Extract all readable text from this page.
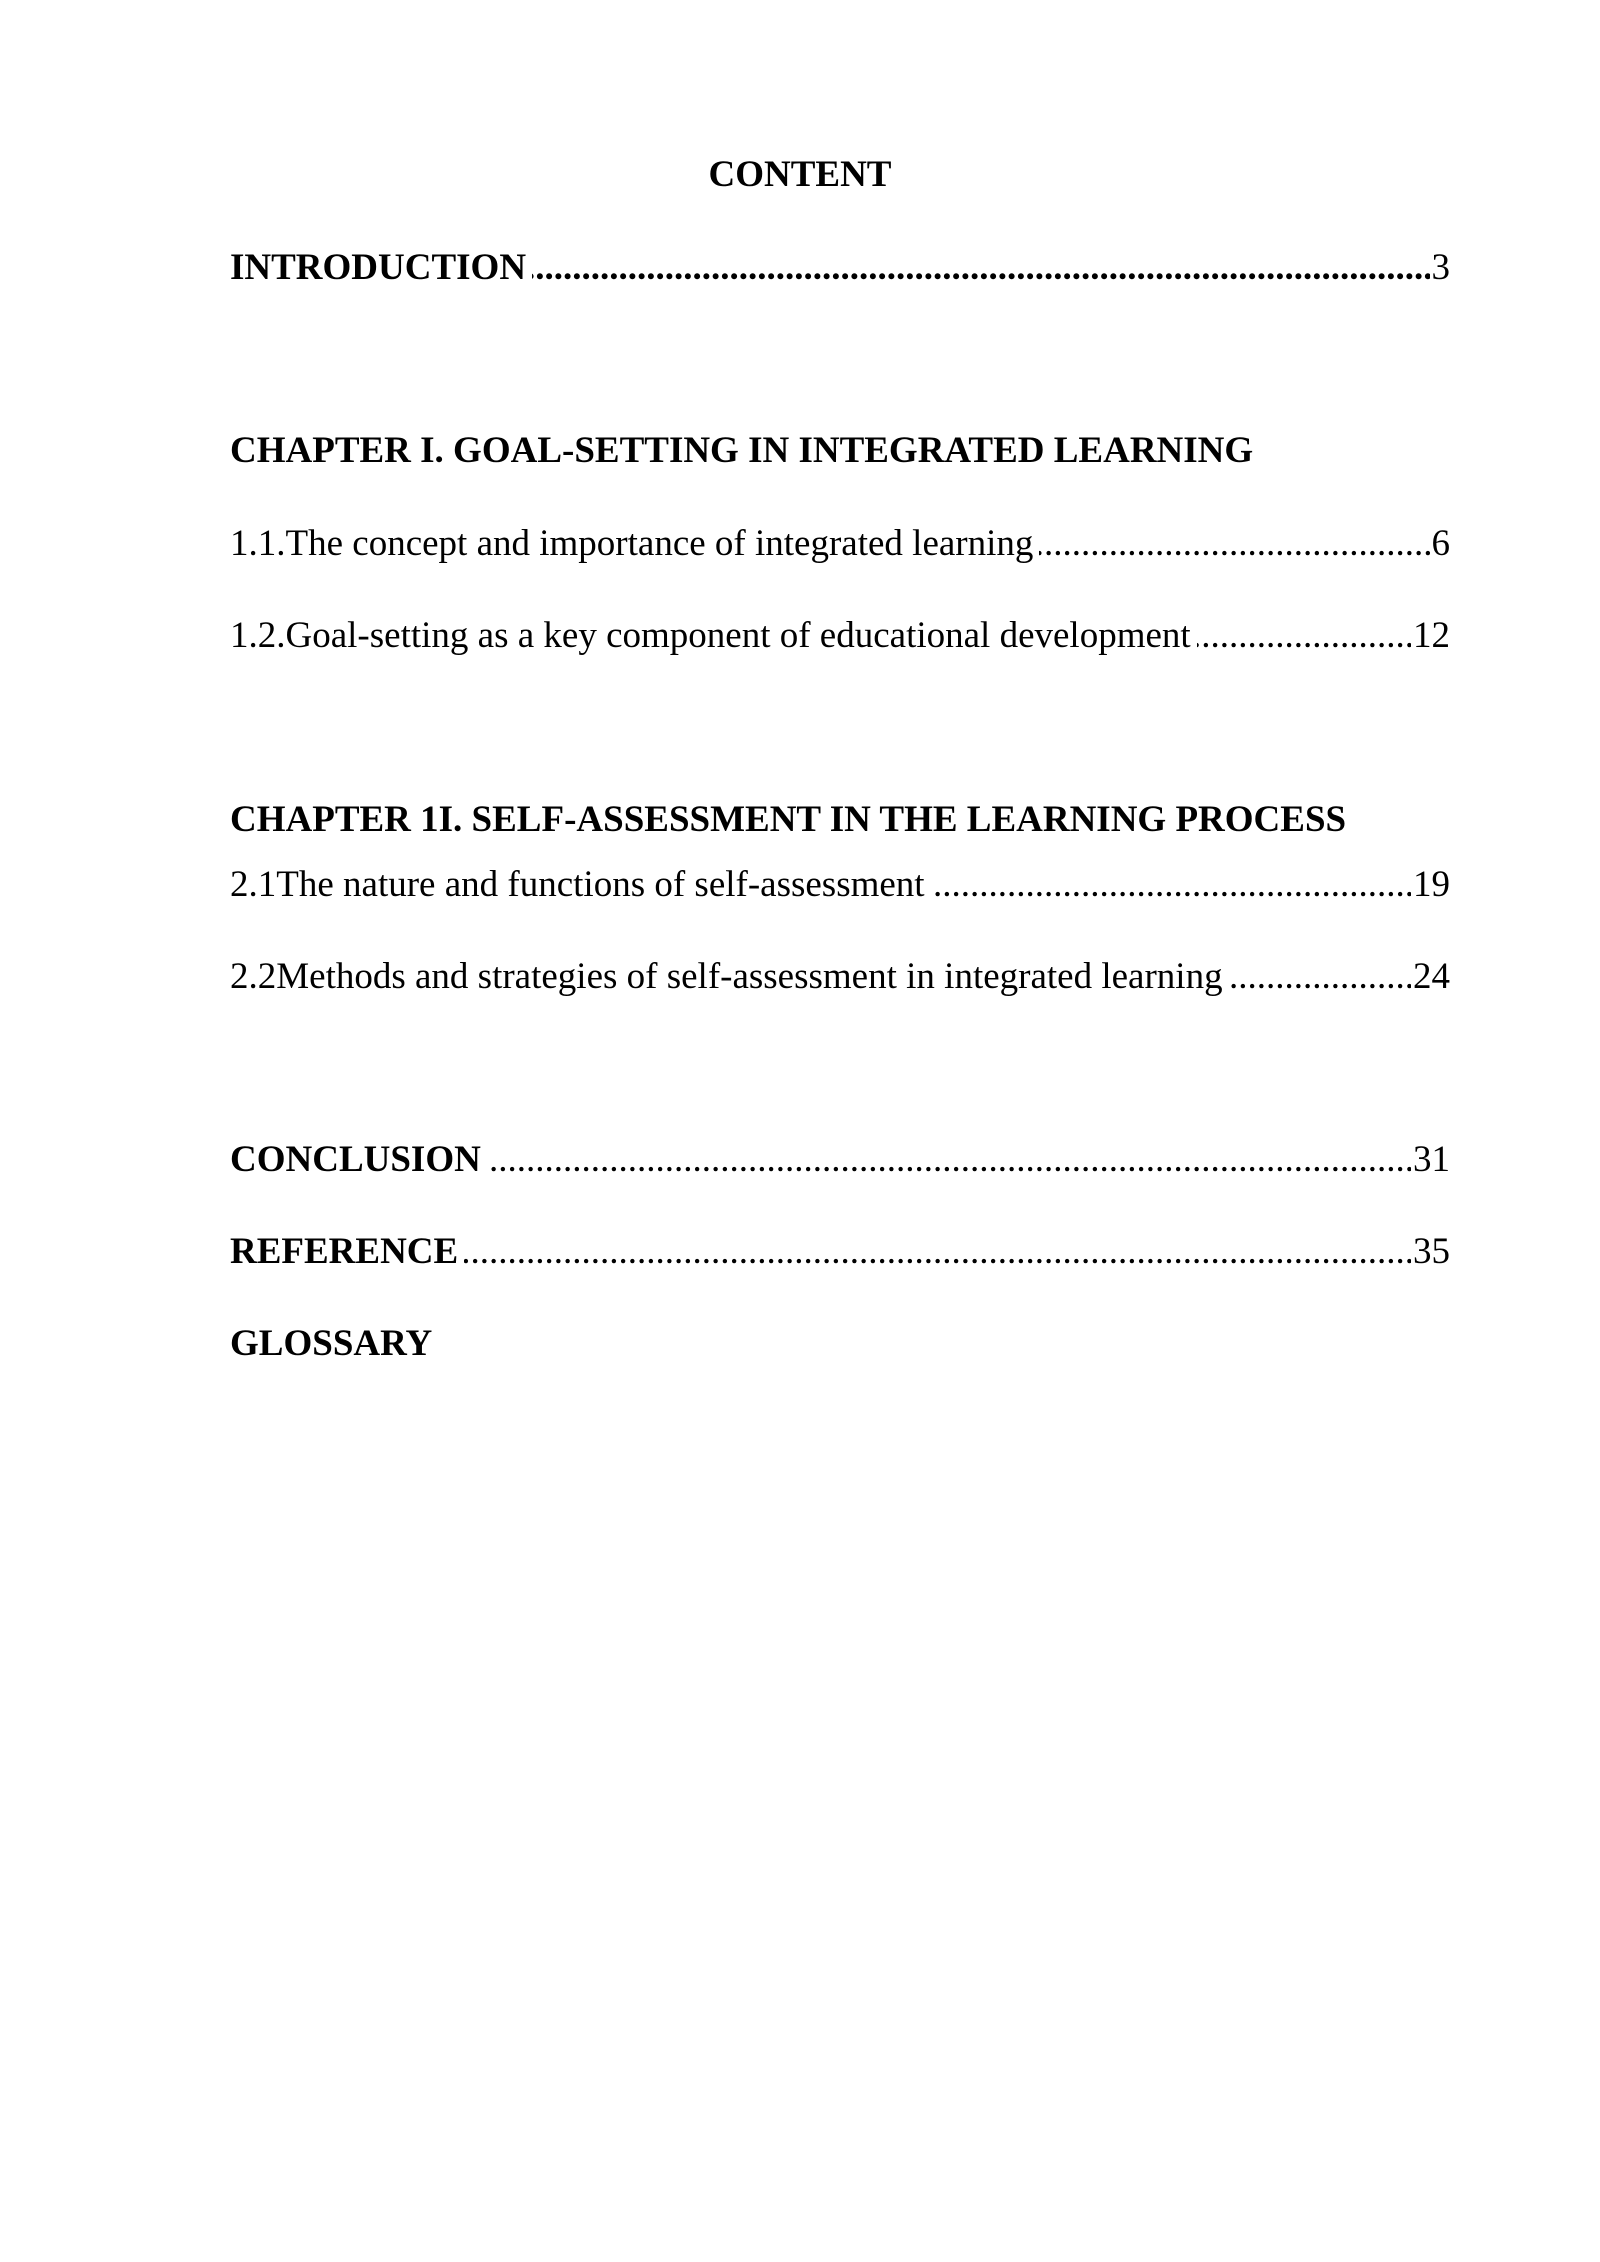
CONTENT
INTRODUCTION .....	3
CHAPTER I. GOAL-SETTING IN INTEGRATED LEARNING
1.1.The concept and importance of integrated learning .....	6
1.2.Goal-setting as a key component of educational development .....	12
CHAPTER 1I. SELF-ASSESSMENT IN THE LEARNING PROCESS
2.1The nature and functions of self-assessment .....	19
2.2Methods and strategies of self-assessment in integrated learning .....	24
CONCLUSION .....	31
REFERENCE .....	35
GLOSSARY
